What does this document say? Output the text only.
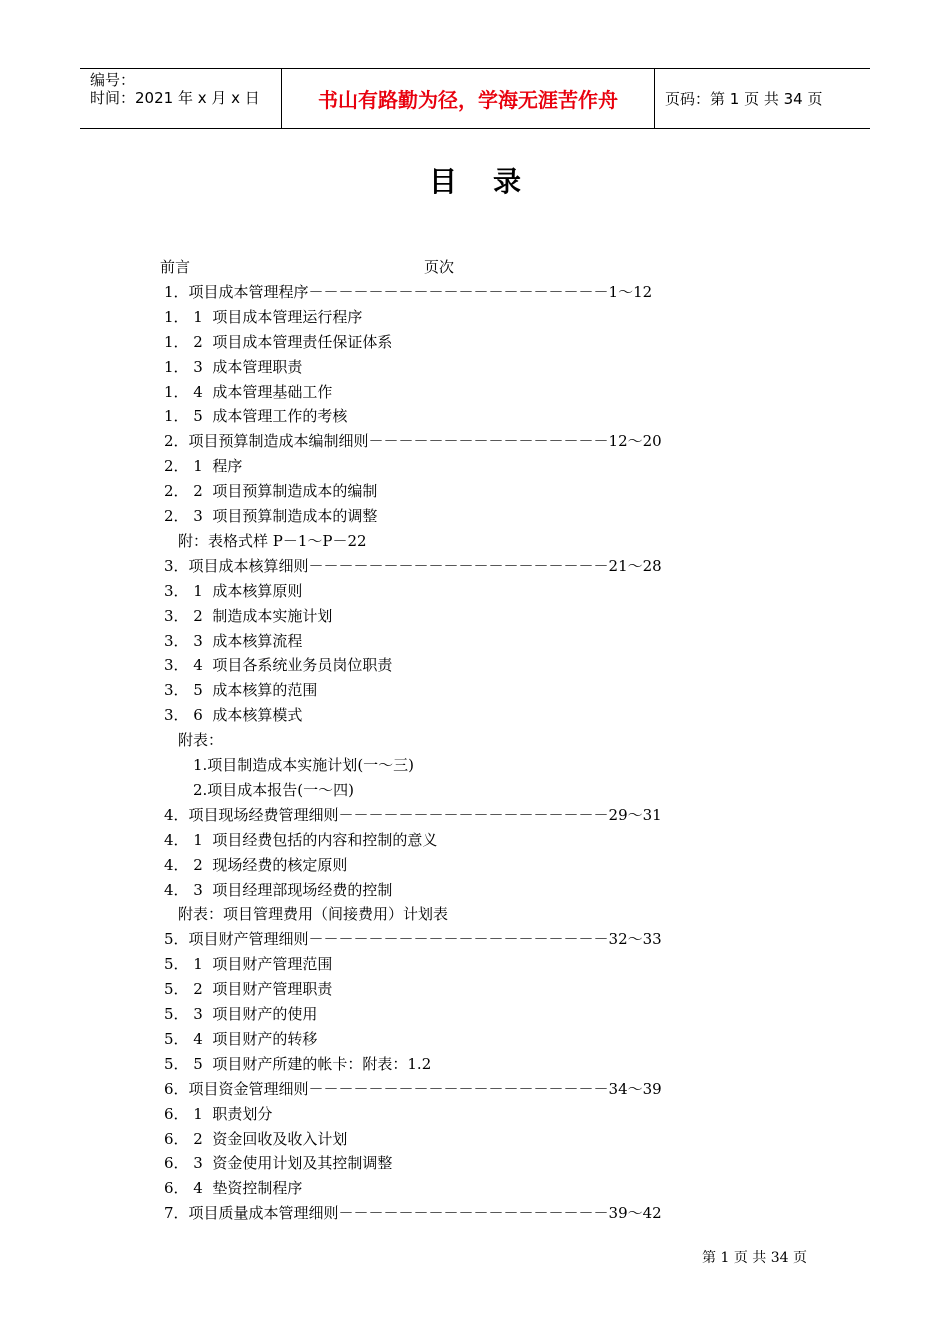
编号：
时间：2021 年 x 月 x 日	书山有路勤为径，学海无涯苦作舟	页码：第 1 页 共 34 页
目录
前言	页次
1．项目成本管理程序－－－－－－－－－－－－－－－－－－－－1～12
1． 1  项目成本管理运行程序
1． 2  项目成本管理责任保证体系
1． 3  成本管理职责
1． 4  成本管理基础工作
1． 5  成本管理工作的考核
2．项目预算制造成本编制细则－－－－－－－－－－－－－－－－12～20
2． 1  程序
2． 2  项目预算制造成本的编制
2． 3  项目预算制造成本的调整
附：表格式样 P－1～P－22
3．项目成本核算细则－－－－－－－－－－－－－－－－－－－－21～28
3． 1  成本核算原则
3． 2  制造成本实施计划
3． 3  成本核算流程
3． 4  项目各系统业务员岗位职责
3． 5  成本核算的范围
3． 6  成本核算模式
附表：
1.项目制造成本实施计划(一～三)
2.项目成本报告(一～四)
4．项目现场经费管理细则－－－－－－－－－－－－－－－－－－29～31
4． 1  项目经费包括的内容和控制的意义
4． 2  现场经费的核定原则
4． 3  项目经理部现场经费的控制
附表：项目管理费用（间接费用）计划表
5．项目财产管理细则－－－－－－－－－－－－－－－－－－－－32～33
5． 1  项目财产管理范围
5． 2  项目财产管理职责
5． 3  项目财产的使用
5． 4  项目财产的转移
5． 5  项目财产所建的帐卡：附表：1.2
6．项目资金管理细则－－－－－－－－－－－－－－－－－－－－34～39
6． 1  职责划分
6． 2  资金回收及收入计划
6． 3  资金使用计划及其控制调整
6． 4  垫资控制程序
7．项目质量成本管理细则－－－－－－－－－－－－－－－－－－39～42
第 1 页 共 34 页
